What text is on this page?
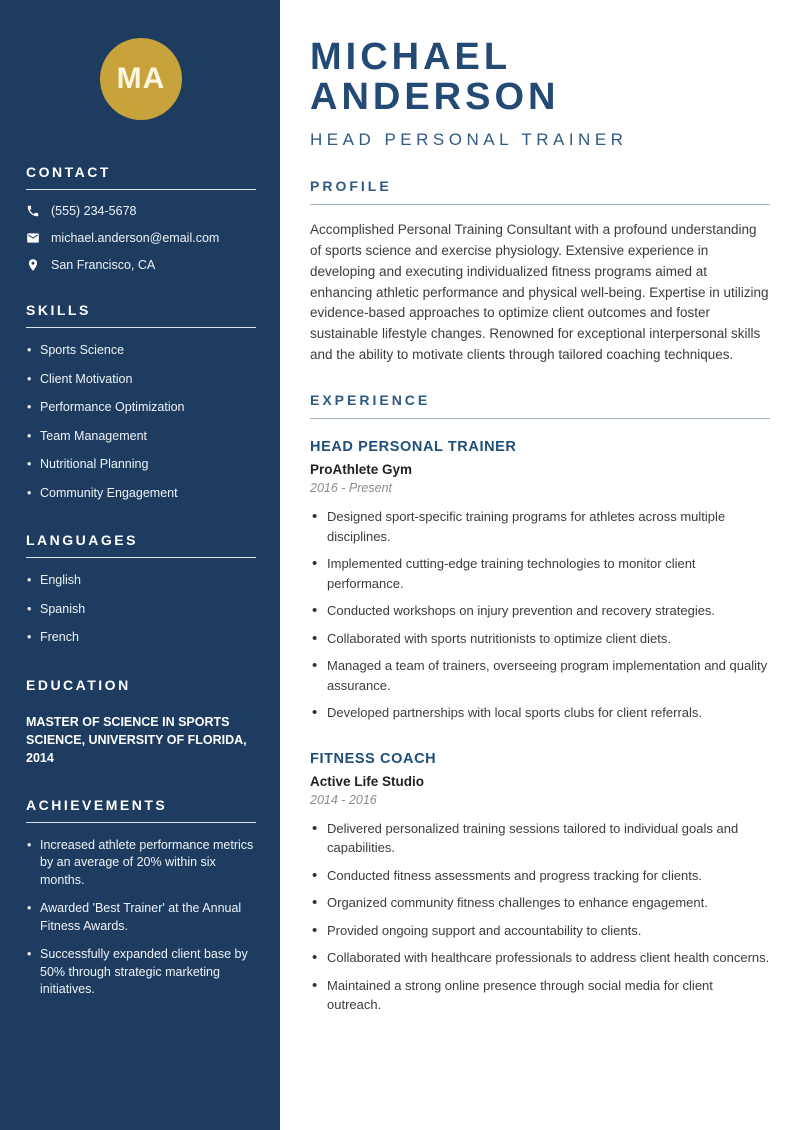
MA
CONTACT
(555) 234-5678
michael.anderson@email.com
San Francisco, CA
SKILLS
• Sports Science
• Client Motivation
• Performance Optimization
• Team Management
• Nutritional Planning
• Community Engagement
LANGUAGES
• English
• Spanish
• French
EDUCATION
MASTER OF SCIENCE IN SPORTS SCIENCE, UNIVERSITY OF FLORIDA, 2014
ACHIEVEMENTS
• Increased athlete performance metrics by an average of 20% within six months.
• Awarded 'Best Trainer' at the Annual Fitness Awards.
• Successfully expanded client base by 50% through strategic marketing initiatives.
MICHAEL ANDERSON
HEAD PERSONAL TRAINER
PROFILE

Accomplished Personal Training Consultant with a profound understanding of sports science and exercise physiology. Extensive experience in developing and executing individualized fitness programs aimed at enhancing athletic performance and physical well-being. Expertise in utilizing evidence-based approaches to optimize client outcomes and foster sustainable lifestyle changes. Renowned for exceptional interpersonal skills and the ability to motivate clients through tailored coaching techniques.

EXPERIENCE
HEAD PERSONAL TRAINER
ProAthlete Gym
2016 - Present
• Designed sport-specific training programs for athletes across multiple disciplines.
• Implemented cutting-edge training technologies to monitor client performance.
• Conducted workshops on injury prevention and recovery strategies.
• Collaborated with sports nutritionists to optimize client diets.
• Managed a team of trainers, overseeing program implementation and quality assurance.
• Developed partnerships with local sports clubs for client referrals.
FITNESS COACH
Active Life Studio
2014 - 2016
• Delivered personalized training sessions tailored to individual goals and capabilities.
• Conducted fitness assessments and progress tracking for clients.
• Organized community fitness challenges to enhance engagement.
• Provided ongoing support and accountability to clients.
• Collaborated with healthcare professionals to address client health concerns.
• Maintained a strong online presence through social media for client outreach.
